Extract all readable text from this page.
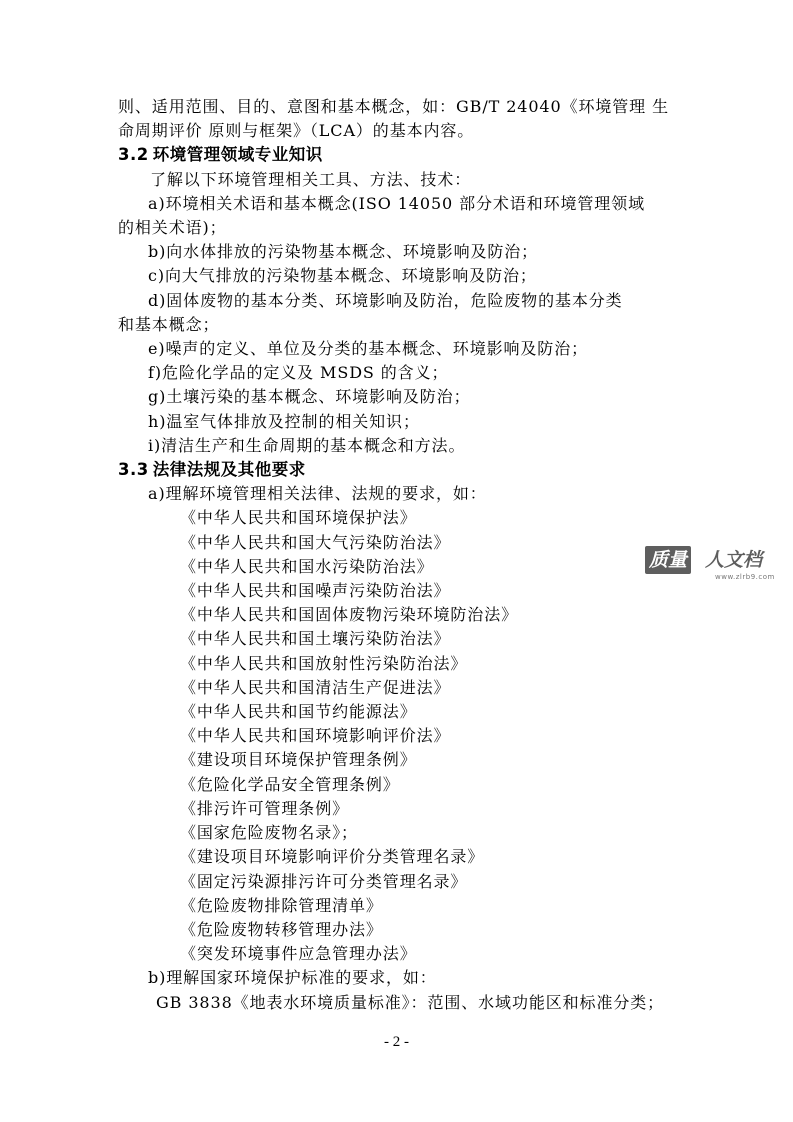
则、适用范围、目的、意图和基本概念，如：GB/T 24040《环境管理 生
命周期评价 原则与框架》（LCA）的基本内容。
3.2 环境管理领域专业知识
了解以下环境管理相关工具、方法、技术：
a)环境相关术语和基本概念(ISO 14050 部分术语和环境管理领域
的相关术语)；
b)向水体排放的污染物基本概念、环境影响及防治；
c)向大气排放的污染物基本概念、环境影响及防治；
d)固体废物的基本分类、环境影响及防治，危险废物的基本分类
和基本概念；
e)噪声的定义、单位及分类的基本概念、环境影响及防治；
f)危险化学品的定义及 MSDS 的含义；
g)土壤污染的基本概念、环境影响及防治；
h)温室气体排放及控制的相关知识；
i)清洁生产和生命周期的基本概念和方法。
3.3 法律法规及其他要求
a)理解环境管理相关法律、法规的要求，如：
《中华人民共和国环境保护法》
《中华人民共和国大气污染防治法》
《中华人民共和国水污染防治法》
《中华人民共和国噪声污染防治法》
《中华人民共和国固体废物污染环境防治法》
《中华人民共和国土壤污染防治法》
《中华人民共和国放射性污染防治法》
《中华人民共和国清洁生产促进法》
《中华人民共和国节约能源法》
《中华人民共和国环境影响评价法》
《建设项目环境保护管理条例》
《危险化学品安全管理条例》
《排污许可管理条例》
《国家危险废物名录》；
《建设项目环境影响评价分类管理名录》
《固定污染源排污许可分类管理名录》
《危险废物排除管理清单》
《危险废物转移管理办法》
《突发环境事件应急管理办法》
b)理解国家环境保护标准的要求，如：
GB 3838《地表水环境质量标准》：范围、水域功能区和标准分类；
质量 人文档
www.zlrb9.com
- 2 -
